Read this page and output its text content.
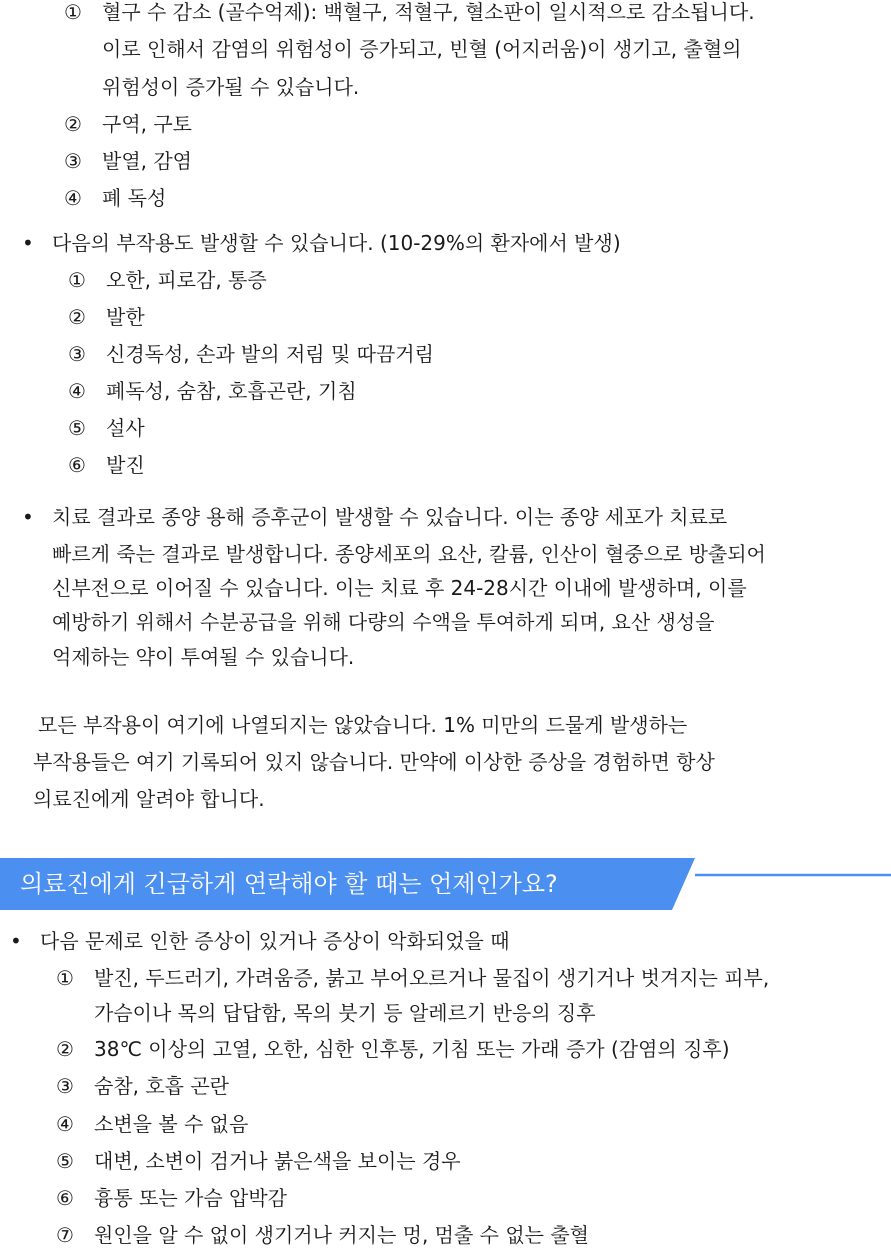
① 혈구 수 감소 (골수억제): 백혈구, 적혈구, 혈소판이 일시적으로 감소됩니다.
이로 인해서 감염의 위험성이 증가되고, 빈혈 (어지러움)이 생기고, 출혈의
위험성이 증가될 수 있습니다.
② 구역, 구토
③ 발열, 감염
④ 폐 독성
• 다음의 부작용도 발생할 수 있습니다. (10-29%의 환자에서 발생)
① 오한, 피로감, 통증
② 발한
③ 신경독성, 손과 발의 저림 및 따끔거림
④ 폐독성, 숨참, 호흡곤란, 기침
⑤ 설사
⑥ 발진
• 치료 결과로 종양 용해 증후군이 발생할 수 있습니다. 이는 종양 세포가 치료로
빠르게 죽는 결과로 발생합니다. 종양세포의 요산, 칼륨, 인산이 혈중으로 방출되어
신부전으로 이어질 수 있습니다. 이는 치료 후 24-28시간 이내에 발생하며, 이를
예방하기 위해서 수분공급을 위해 다량의 수액을 투여하게 되며, 요산 생성을
억제하는 약이 투여될 수 있습니다.
모든 부작용이 여기에 나열되지는 않았습니다. 1% 미만의 드물게 발생하는
부작용들은 여기 기록되어 있지 않습니다. 만약에 이상한 증상을 경험하면 항상
의료진에게 알려야 합니다.
의료진에게 긴급하게 연락해야 할 때는 언제인가요?
• 다음 문제로 인한 증상이 있거나 증상이 악화되었을 때
① 발진, 두드러기, 가려움증, 붉고 부어오르거나 물집이 생기거나 벗겨지는 피부,
가슴이나 목의 답답함, 목의 붓기 등 알레르기 반응의 징후
② 38℃ 이상의 고열, 오한, 심한 인후통, 기침 또는 가래 증가 (감염의 징후)
③ 숨참, 호흡 곤란
④ 소변을 볼 수 없음
⑤ 대변, 소변이 검거나 붉은색을 보이는 경우
⑥ 흉통 또는 가슴 압박감
⑦ 원인을 알 수 없이 생기거나 커지는 멍, 멈출 수 없는 출혈
